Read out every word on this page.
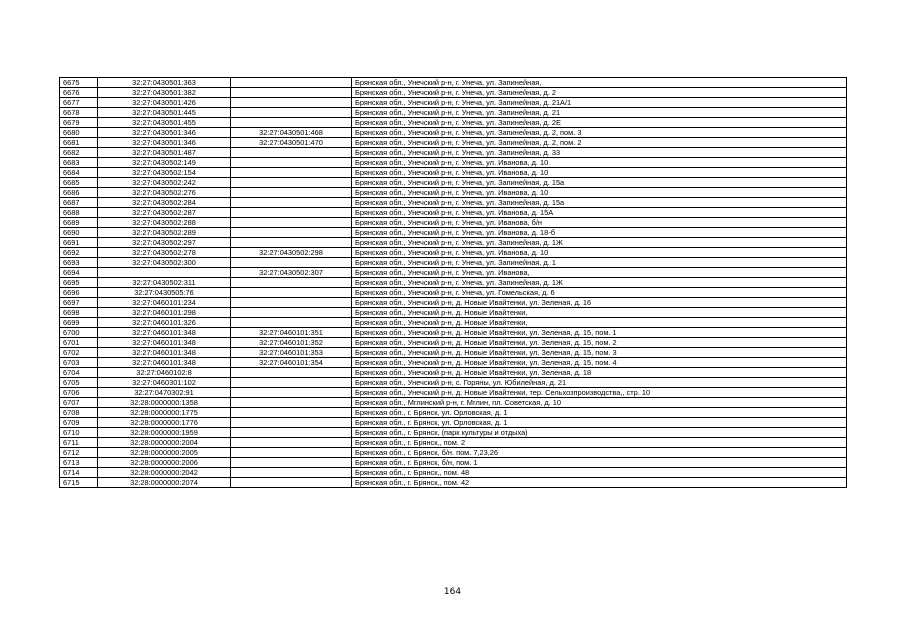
6675	32:27:0430501:363		Брянская обл., Унечский р-н, г. Унеча, ул. Запинейная,
6676	32:27:0430501:382		Брянская обл., Унечский р-н, г. Унеча, ул. Запинейная, д. 2
6677	32:27:0430501:426		Брянская обл., Унечский р-н, г. Унеча, ул. Запинейная, д. 21А/1
6678	32:27:0430501:445		Брянская обл., Унечский р-н, г. Унеча, ул. Запинейная, д. 21
6679	32:27:0430501:455		Брянская обл., Унечский р-н, г. Унеча, ул. Запинейная, д. 2Е
6680	32:27:0430501:346	32:27:0430501:468	Брянская обл., Унечский р-н, г. Унеча, ул. Запинейная, д. 2, пом. 3
6681	32:27:0430501:346	32:27:0430501:470	Брянская обл., Унечский р-н, г. Унеча, ул. Запинейная, д. 2, пом. 2
6682	32:27:0430501:487		Брянская обл., Унечский р-н, г. Унеча, ул. Запинейная, д. 33
6683	32:27:0430502:149		Брянская обл., Унечский р-н, г. Унеча, ул. Иванова, д. 10
6684	32:27:0430502:154		Брянская обл., Унечский р-н, г. Унеча, ул. Иванова, д. 10
6685	32:27:0430502:242		Брянская обл., Унечский р-н, г. Унеча, ул. Запинейная, д. 15а
6686	32:27:0430502:276		Брянская обл., Унечский р-н, г. Унеча, ул. Иванова, д. 10
6687	32:27:0430502:284		Брянская обл., Унечский р-н, г. Унеча, ул. Запинейная, д. 15а
6688	32:27:0430502:287		Брянская обл., Унечский р-н, г. Унеча, ул. Иванова, д. 15А
6689	32:27:0430502:288		Брянская обл., Унечский р-н, г. Унеча, ул. Иванова, б/н
6690	32:27:0430502:289		Брянская обл., Унечский р-н, г. Унеча, ул. Иванова, д. 18-б
6691	32:27:0430502:297		Брянская обл., Унечский р-н, г. Унеча, ул. Запинейная, д. 1Ж
6692	32:27:0430502:278	32:27:0430502:298	Брянская обл., Унечский р-н, г. Унеча, ул. Иванова, д. 10
6693	32:27:0430502:300		Брянская обл., Унечский р-н, г. Унеча, ул. Запинейная, д. 1
6694		32:27:0430502:307	Брянская обл., Унечский р-н, г. Унеча, ул. Иванова,
6695	32:27:0430502:311		Брянская обл., Унечский р-н, г. Унеча, ул. Запинейная, д. 1Ж
6696	32:27:0430505:76		Брянская обл., Унечский р-н, г. Унеча, ул. Гомельская, д. 6
6697	32:27:0460101:234		Брянская обл., Унечский р-н, д. Новые Ивайтенки, ул. Зеленая, д. 16
6698	32:27:0460101:298		Брянская обл., Унечский р-н, д. Новые Ивайтенки,
6699	32:27:0460101:326		Брянская обл., Унечский р-н, д. Новые Ивайтенки,
6700	32:27:0460101:348	32:27:0460101:351	Брянская обл., Унечский р-н, д. Новые Ивайтенки, ул. Зеленая, д. 15, пом. 1
6701	32:27:0460101:348	32:27:0460101:352	Брянская обл., Унечский р-н, д. Новые Ивайтенки, ул. Зеленая, д. 15, пом. 2
6702	32:27:0460101:348	32:27:0460101:353	Брянская обл., Унечский р-н, д. Новые Ивайтенки, ул. Зеленая, д. 15, пом. 3
6703	32:27:0460101:348	32:27:0460101:354	Брянская обл., Унечский р-н, д. Новые Ивайтенки, ул. Зеленая, д. 15, пом. 4
6704	32:27:0460102:8		Брянская обл., Унечский р-н, д. Новые Ивайтенки, ул. Зеленая, д. 18
6705	32:27:0460301:102		Брянская обл., Унечский р-н, с. Горяны, ул. Юбилейная, д. 21
6706	32:27:0470302:91		Брянская обл., Унечский р-н, д. Новые Ивайтенки, тер. Сельхозпроизводства,, стр. 10
6707	32:28:0000000:1358		Брянская обл., Мглинский р-н, г. Мглин, пл. Советская, д. 10
6708	32:28:0000000:1775		Брянская обл., г. Брянск, ул. Орловская, д. 1
6709	32:28:0000000:1776		Брянская обл., г. Брянск, ул. Орловская, д. 1
6710	32:28:0000000:1959		Брянская обл., г. Брянск, (парк культуры и отдыха)
6711	32:28:0000000:2004		Брянская обл., г. Брянск,, пом. 2
6712	32:28:0000000:2005		Брянская обл., г. Брянск, б/н. пом. 7,23,26
6713	32:28:0000000:2006		Брянская обл., г. Брянск, б/н, пом. 1
6714	32:28:0000000:2042		Брянская обл., г. Брянск,, пом. 48
6715	32:28:0000000:2074		Брянская обл., г. Брянск,, пом. 42
164
